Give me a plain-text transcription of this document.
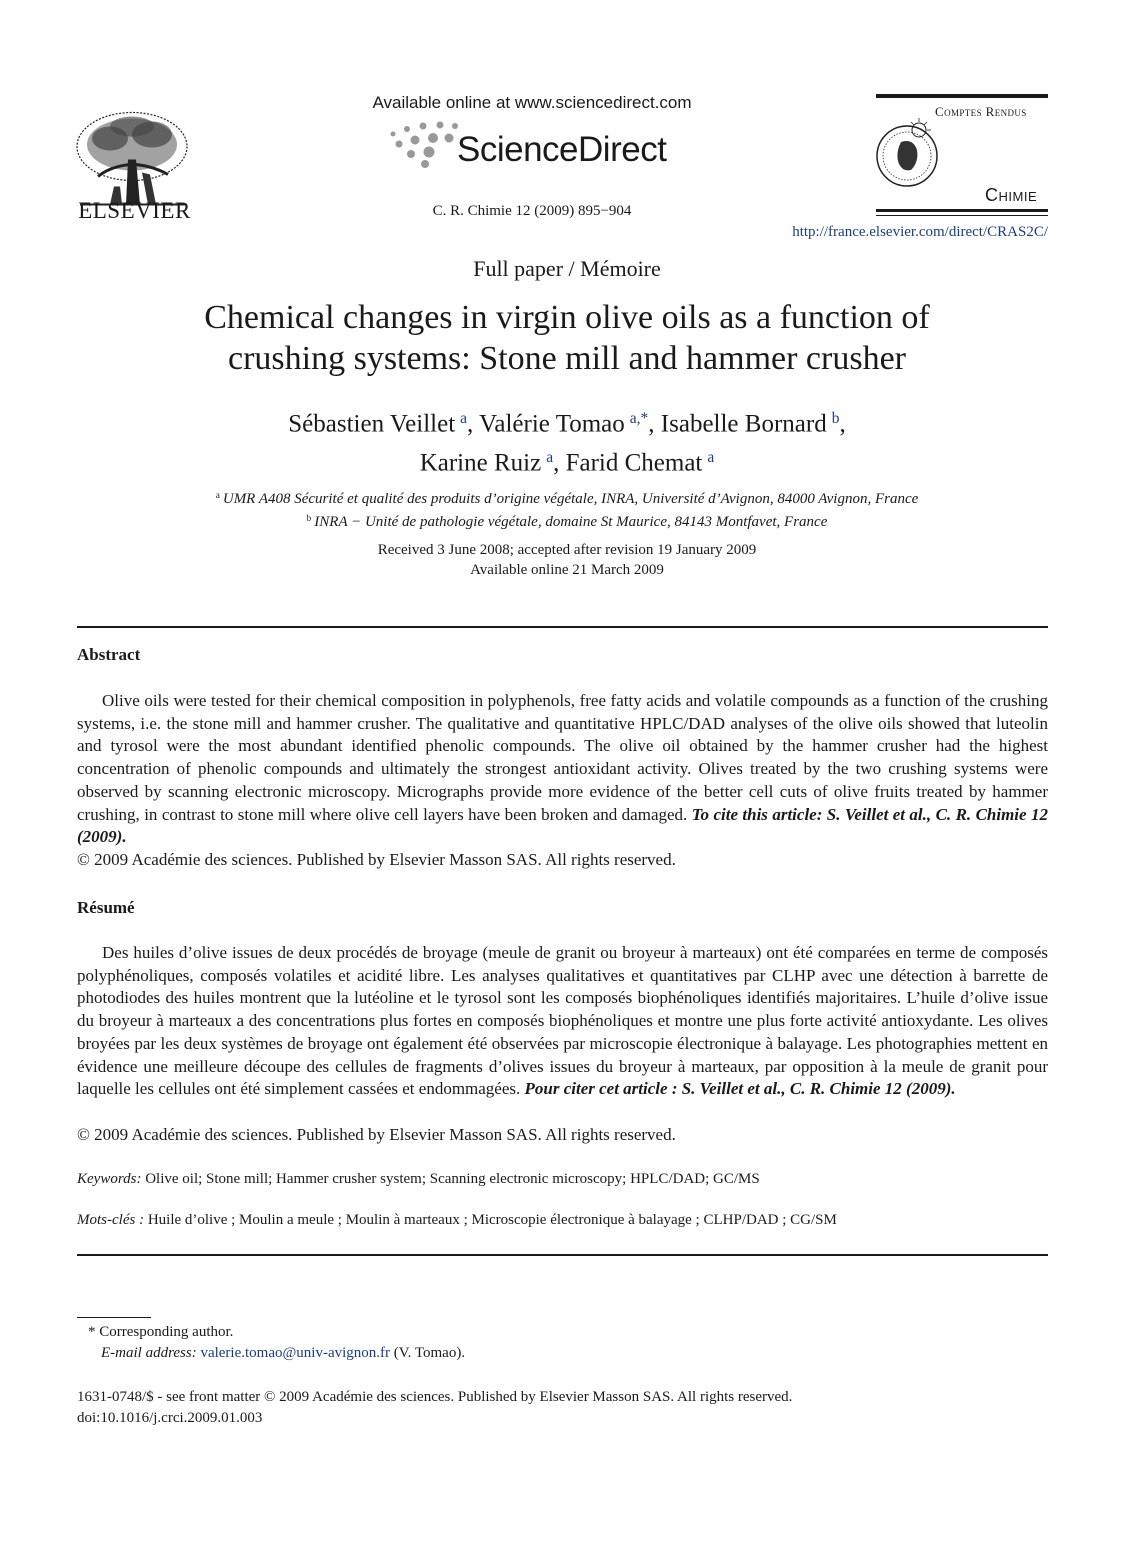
ELSEVIER
Available online at www.sciencedirect.com
ScienceDirect
C. R. Chimie 12 (2009) 895−904
Comptes Rendus
Chimie
http://france.elsevier.com/direct/CRAS2C/
Full paper / Mémoire
Chemical changes in virgin olive oils as a function of
crushing systems: Stone mill and hammer crusher
Sébastien Veillet  $^a$, Valérie Tomao  $^{a,*}$, Isabelle Bornard  $^b$,
Karine Ruiz  $^a$, Farid Chemat  $^a$
$^a$  UMR A408 Sécurité et qualité des produits d’origine végétale, INRA, Université d’Avignon, 84000 Avignon, France
$^b$  INRA − Unité de pathologie végétale, domaine St Maurice, 84143 Montfavet, France
Received 3 June 2008; accepted after revision 19 January 2009
Available online 21 March 2009
Abstract

Olive oils were tested for their chemical composition in polyphenols, free fatty acids and volatile compounds as a function of the crushing systems, i.e. the stone mill and hammer crusher. The qualitative and quantitative HPLC/DAD analyses of the olive oils showed that luteolin and tyrosol were the most abundant identified phenolic compounds. The olive oil obtained by the hammer crusher had the highest concentration of phenolic compounds and ultimately the strongest antioxidant activity. Olives treated by the two crushing systems were observed by scanning electronic microscopy. Micrographs provide more evidence of the better cell cuts of olive fruits treated by hammer crushing, in contrast to stone mill where olive cell layers have been broken and damaged. To cite this article: S. Veillet et al., C. R. Chimie 12 (2009).

© 2009 Académie des sciences. Published by Elsevier Masson SAS. All rights reserved.
Résumé

Des huiles d’olive issues de deux procédés de broyage (meule de granit ou broyeur à marteaux) ont été comparées en terme de composés polyphénoliques, composés volatiles et acidité libre. Les analyses qualitatives et quantitatives par CLHP avec une détection à barrette de photodiodes des huiles montrent que la lutéoline et le tyrosol sont les composés biophénoliques identifiés majoritaires. L’huile d’olive issue du broyeur à marteaux a des concentrations plus fortes en composés biophénoliques et montre une plus forte activité antioxydante. Les olives broyées par les deux systèmes de broyage ont également été observées par microscopie électronique à balayage. Les photographies mettent en évidence une meilleure découpe des cellules de fragments d’olives issues du broyeur à marteaux, par opposition à la meule de granit pour laquelle les cellules ont été simplement cassées et endommagées. Pour citer cet article : S. Veillet et al., C. R. Chimie 12 (2009).

© 2009 Académie des sciences. Published by Elsevier Masson SAS. All rights reserved.
Keywords: Olive oil; Stone mill; Hammer crusher system; Scanning electronic microscopy; HPLC/DAD; GC/MS
Mots-clés : Huile d’olive ; Moulin a meule ; Moulin à marteaux ; Microscopie électronique à balayage ; CLHP/DAD ; CG/SM
* Corresponding author.
E-mail address: valerie.tomao@univ-avignon.fr (V. Tomao).
1631-0748/$ - see front matter © 2009 Académie des sciences. Published by Elsevier Masson SAS. All rights reserved.
doi:10.1016/j.crci.2009.01.003
